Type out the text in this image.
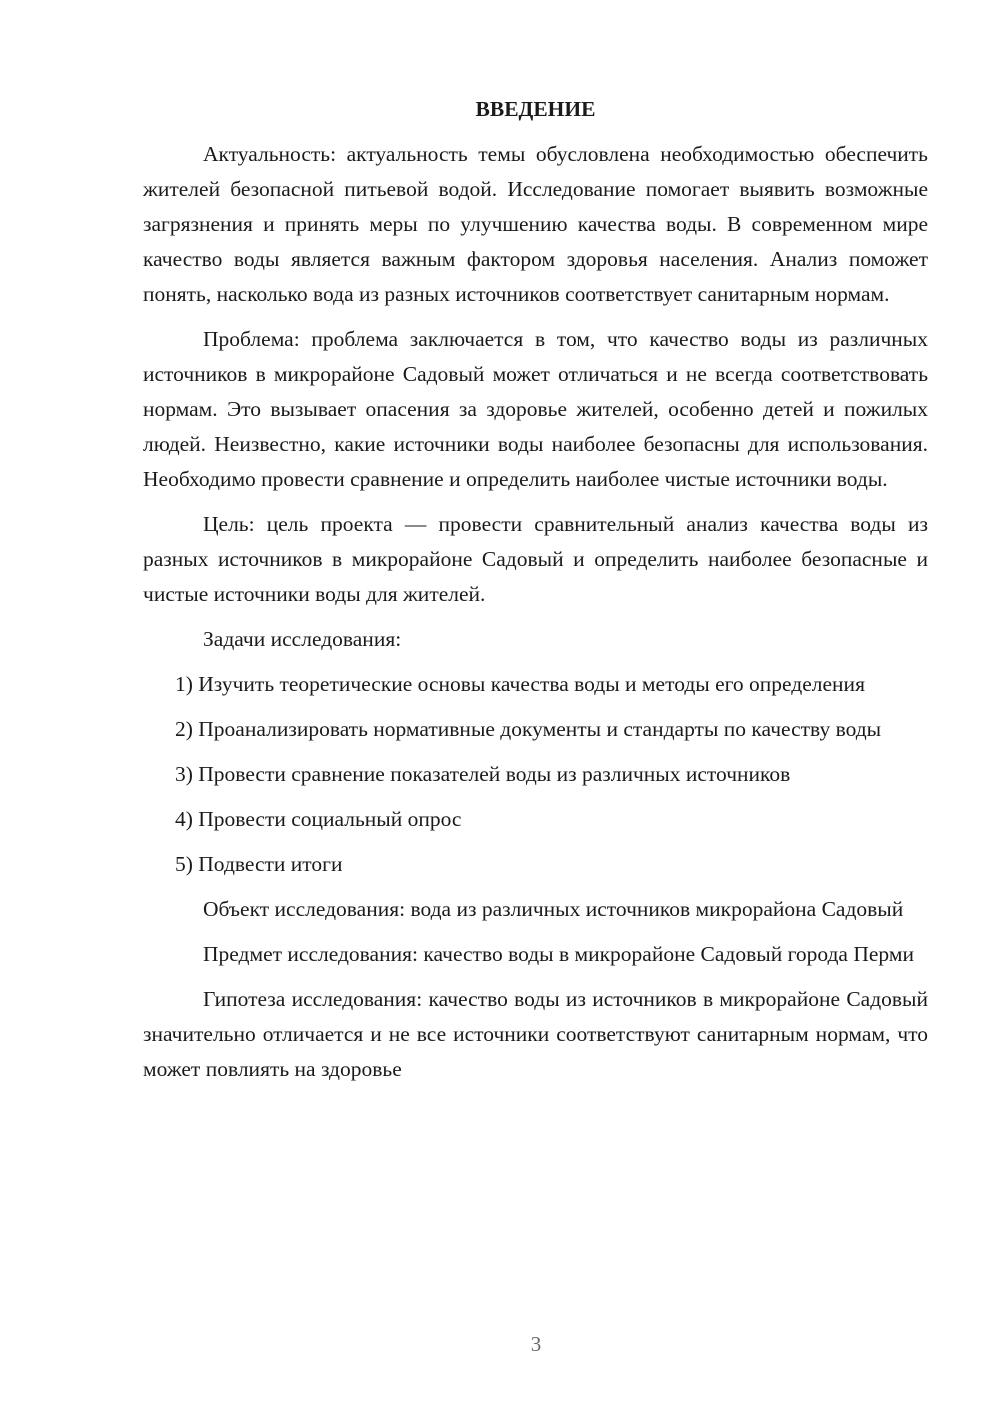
ВВЕДЕНИЕ

Актуальность: актуальность темы обусловлена необходимостью обеспечить жителей безопасной питьевой водой. Исследование помогает выявить возможные загрязнения и принять меры по улучшению качества воды. В современном мире качество воды является важным фактором здоровья населения. Анализ поможет понять, насколько вода из разных источников соответствует санитарным нормам.

Проблема: проблема заключается в том, что качество воды из различных источников в микрорайоне Садовый может отличаться и не всегда соответствовать нормам. Это вызывает опасения за здоровье жителей, особенно детей и пожилых людей. Неизвестно, какие источники воды наиболее безопасны для использования. Необходимо провести сравнение и определить наиболее чистые источники воды.

Цель: цель проекта — провести сравнительный анализ качества воды из разных источников в микрорайоне Садовый и определить наиболее безопасные и чистые источники воды для жителей.

Задачи исследования:

1) Изучить теоретические основы качества воды и методы его определения

2) Проанализировать нормативные документы и стандарты по качеству воды

3) Провести сравнение показателей воды из различных источников

4) Провести социальный опрос

5) Подвести итоги

Объект исследования: вода из различных источников микрорайона Садовый

Предмет исследования: качество воды в микрорайоне Садовый города Перми

Гипотеза исследования: качество воды из источников в микрорайоне Садовый значительно отличается и не все источники соответствуют санитарным нормам, что может повлиять на здоровье

3
